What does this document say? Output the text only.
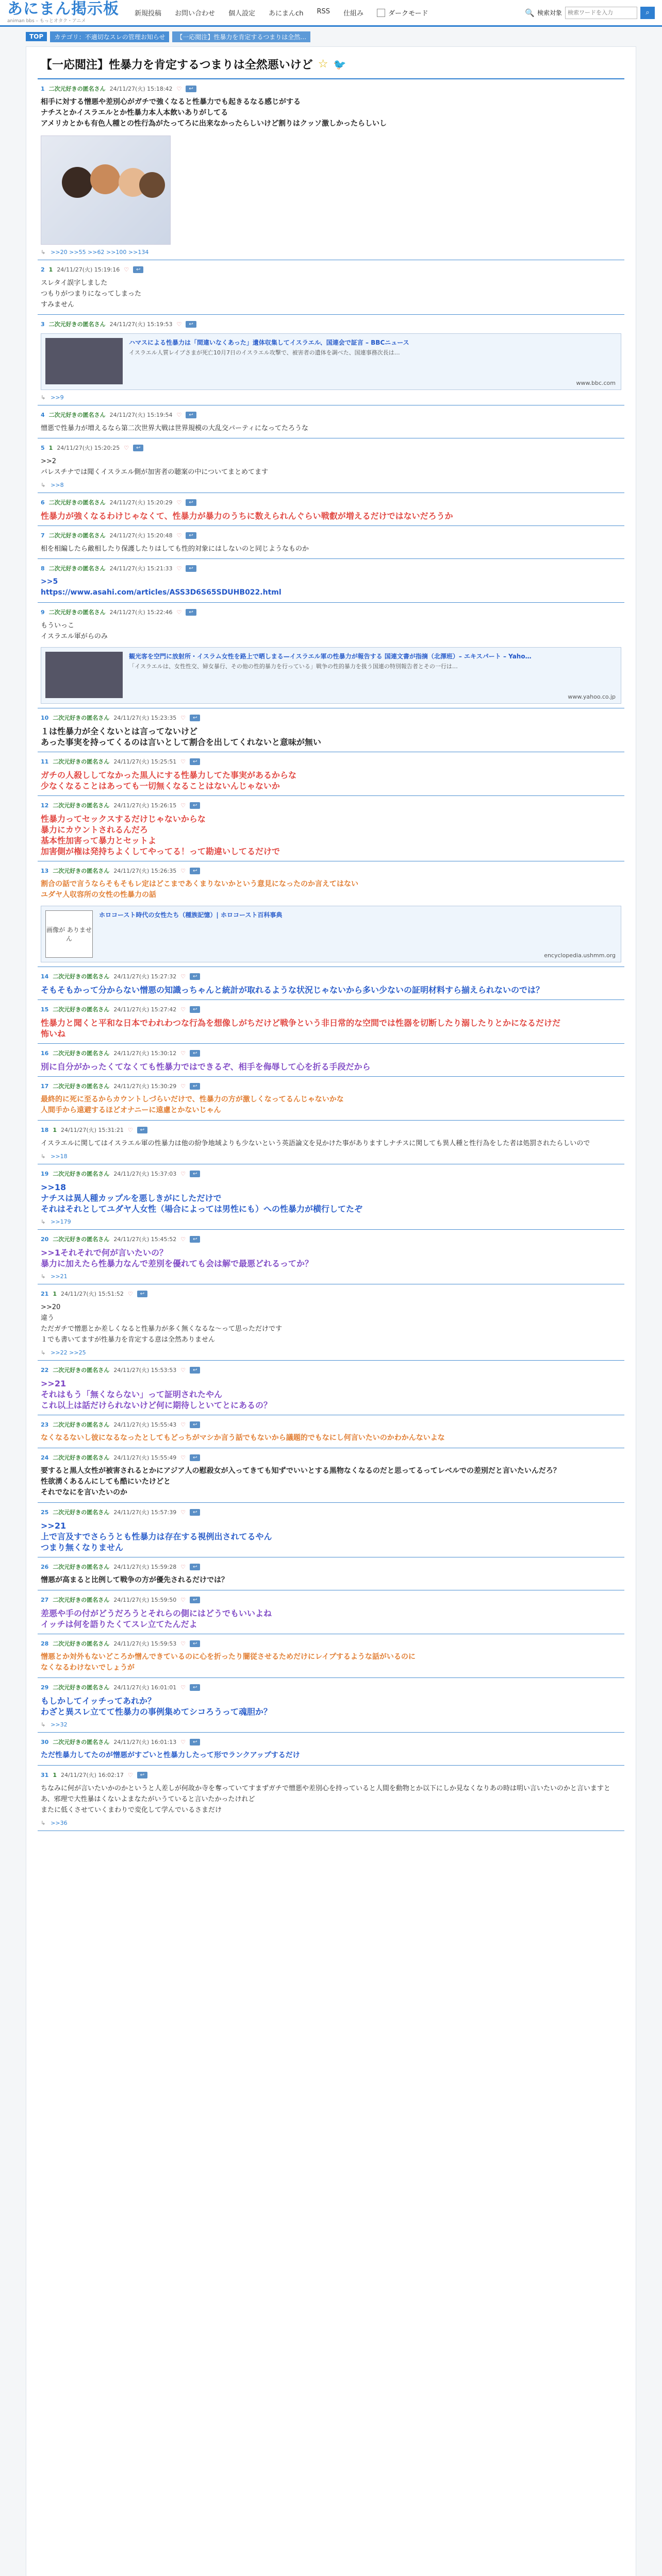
あにまん掲示板
animan bbs – もっとオタク・アニメ
新規投稿 お問い合わせ 個人設定 あにまんch RSS 仕組み	ダークモード	🔍 検索対象
検索ワードを入力	⌕
TOP	カテゴリ：不適切なスレの管理お知らせ	【一応閲注】性暴力を肯定するつまりは全然…
【一応閲注】性暴力を肯定するつまりは全然悪いけど ☆ 🐦
1 二次元好きの匿名さん 24/11/27(火) 15:18:42 ♡	↩
相手に対する憎悪や差別心がガチで強くなると性暴力でも起きるなる感じがする
ナチスとかイスラエルとか性暴力本人本飲いありがしてる
アメリカとかも有色人種との性行為がたってろに出来なかったらしいけど割りはクッソ激しかったらしいし
↳ >>20 >>55 >>62 >>100 >>134
2 1 24/11/27(火) 15:19:16 ♡	↩
スレタイ誤字しました
つもりがつまりになってしまった
すみません
3 二次元好きの匿名さん 24/11/27(火) 15:19:53 ♡	↩
ハマスによる性暴力は「間違いなくあった」遺体収集してイスラエル、国連会で証言 – BBCニュース
イスラエル人質レイプさまが死亡10月7日のイスラエル攻撃で、被害者の遺体を調べた、国連事務次長は…
www.bbc.com
↳ >>9
4 二次元好きの匿名さん 24/11/27(火) 15:19:54 ♡	↩
憎悪で性暴力が増えるなら第二次世界大戦は世界規模の大乱交パーティになってたろうな
5 1 24/11/27(火) 15:20:25 ♡	↩
>>2
パレスチナでは聞くイスラエル側が加害者の聴案の中についてまとめてます
↳ >>8
6 二次元好きの匿名さん 24/11/27(火) 15:20:29 ♡	↩
性暴力が強くなるわけじゃなくて、性暴力が暴力のうちに数えられんぐらい戦叡が増えるだけではないだろうか
7 二次元好きの匿名さん 24/11/27(火) 15:20:48 ♡	↩
相を相編したら敵相したり保護したりはしても性的対象にはしないのと同じようなものか
8 二次元好きの匿名さん 24/11/27(火) 15:21:33 ♡	↩
>>5
https://www.asahi.com/articles/ASS3D6S65SDUHB022.html
9 二次元好きの匿名さん 24/11/27(火) 15:22:46 ♡	↩
もういっこ
イスラエル軍がらのみ
観光客を空門に放射所・イスラム女性を路上で晒しまる—イスラエル軍の性暴力が報告する 国連文書が指摘（北澤班）– エキスパート – Yaho…
「イスラエルは、女性性交、婦女暴行、その他の性的暴力を行っている」戦争の性的暴力を扱う国連の特別報告者とその一行は…
www.yahoo.co.jp
10 二次元好きの匿名さん 24/11/27(火) 15:23:35 ♡	↩
１は性暴力が全くないとは言ってないけど
あった事実を持ってくるのは言いとして割合を出してくれないと意味が無い
11 二次元好きの匿名さん 24/11/27(火) 15:25:51 ♡	↩
ガチの人殺ししてなかった黒人にする性暴力してた事実があるからな
少なくなることはあっても一切無くなることはないんじゃないか
12 二次元好きの匿名さん 24/11/27(火) 15:26:15 ♡	↩
性暴力ってセックスするだけじゃないからな
暴力にカウントされるんだろ
基本性加害って暴力とセットよ
加害側が権は発持ちよくしてやってる！って勘違いしてるだけで
13 二次元好きの匿名さん 24/11/27(火) 15:26:35 ♡	↩
割合の話で言うならそもそもレ定はどこまであくまりないかという意見になったのか言えてはない
ユダヤ人収容所の女性の性暴力の話
画像が ありません
ホロコースト時代の女性たち（種族記憶）| ホロコースト百科事典
encyclopedia.ushmm.org
14 二次元好きの匿名さん 24/11/27(火) 15:27:32 ♡	↩
そもそもかって分からない憎悪の知識っちゃんと統計が取れるような状況じゃないから多い少ないの証明材料すら揃えられないのでは？
15 二次元好きの匿名さん 24/11/27(火) 15:27:42 ♡	↩
性暴力と聞くと平和な日本でわれわつな行為を想像しがちだけど戦争という非日常的な空間では性器を切断したり溺したりとかになるだけだ
怖いね
16 二次元好きの匿名さん 24/11/27(火) 15:30:12 ♡	↩
別に自分がかったくてなくても性暴力ではできるぞ、相手を侮辱して心を折る手段だから
17 二次元好きの匿名さん 24/11/27(火) 15:30:29 ♡	↩
最終的に死に至るからカウントしづらいだけで、性暴力の方が激しくなってるんじゃないかな
人間手から遠避するほどオナニーに遠慮とかないじゃん
18 1 24/11/27(火) 15:31:21 ♡	↩
イスラエルに関してはイスラエル軍の性暴力は他の紛争地域よりも少ないという英語論文を見かけた事がありますしナチスに関しても異人種と性行為をした者は処罰されたらしいので
↳ >>18
19 二次元好きの匿名さん 24/11/27(火) 15:37:03 ♡	↩
>>18
ナチスは異人種カップルを悪しきがにしただけで
それはそれとしてユダヤ人女性（場合によっては男性にも）への性暴力が横行してたぞ
↳ >>179
20 二次元好きの匿名さん 24/11/27(火) 15:45:52 ♡	↩
>>1それそれで何が言いたいの？
暴力に加えたら性暴力なんで差別を優れても会は解で最悪どれるってか？
↳ >>21
21 1 24/11/27(火) 15:51:52 ♡	↩
>>20
違う
ただガチで憎悪とか差しくなると性暴力が多く無くなるな〜って思っただけです
１でも書いてますが性暴力を肯定する意は全然ありません
↳ >>22 >>25
22 二次元好きの匿名さん 24/11/27(火) 15:53:53 ♡	↩
>>21
それはもう「無くならない」って証明されたやん
これ以上は話だけられないけど何に期待しといてとにあるの？
23 二次元好きの匿名さん 24/11/27(火) 15:55:43 ♡	↩
なくなるないし彼になるなったとしてもどっちがマシか言う話でもないから議題的でもなにし何言いたいのかわかんないよな
24 二次元好きの匿名さん 24/11/27(火) 15:55:49 ♡	↩
要すると黒人女性が被害されるとかにアジア人の慰殺女が入ってきても知ずでいいとする黒物なくなるのだと思ってるってレベルでの差別だと言いたいんだろ？
性欲湧くあるんにしても酷にいたけどと
それでなにを言いたいのか
25 二次元好きの匿名さん 24/11/27(火) 15:57:39 ♡	↩
>>21
上で言及すでさらうとも性暴力は存在する視例出されてるやん
つまり無くなりません
26 二次元好きの匿名さん 24/11/27(火) 15:59:28 ♡	↩
憎悪が高まると比例して戦争の方が優先されるだけでは？
27 二次元好きの匿名さん 24/11/27(火) 15:59:50 ♡	↩
差悪や手の付がどうだろうとそれらの側にはどうでもいいよね
イッチは何を語りたくてスレ立てたんだよ
28 二次元好きの匿名さん 24/11/27(火) 15:59:53 ♡	↩
憎悪とか対外もないどころか憎んできているのに心を折ったり闇従させるためだけにレイプするような話がいるのに
なくなるわけないでしょうが
29 二次元好きの匿名さん 24/11/27(火) 16:01:01 ♡	↩
もしかしてイッチってあれか？
わざと異スレ立てて性暴力の事例集めてシコろうって魂胆か？
↳ >>32
30 二次元好きの匿名さん 24/11/27(火) 16:01:13 ♡	↩
ただ性暴力してたのが憎悪がすごいと性暴力したって形でランクアップするだけ
31 1 24/11/27(火) 16:02:17 ♡	↩
ちなみに何が言いたいかのかというと人差しが何故か寺を奪っていてすまずガチで憎悪や差別心を持っていると人間を動物とか以下にしか見なくなりあの時は明い言いたいのかと言いますと
あ、邪理で大性暴はくないよまなたがいうていると言いたかったけれど
またに低くさせていくまわりで変化して学んでいるさまだけ
↳ >>36
